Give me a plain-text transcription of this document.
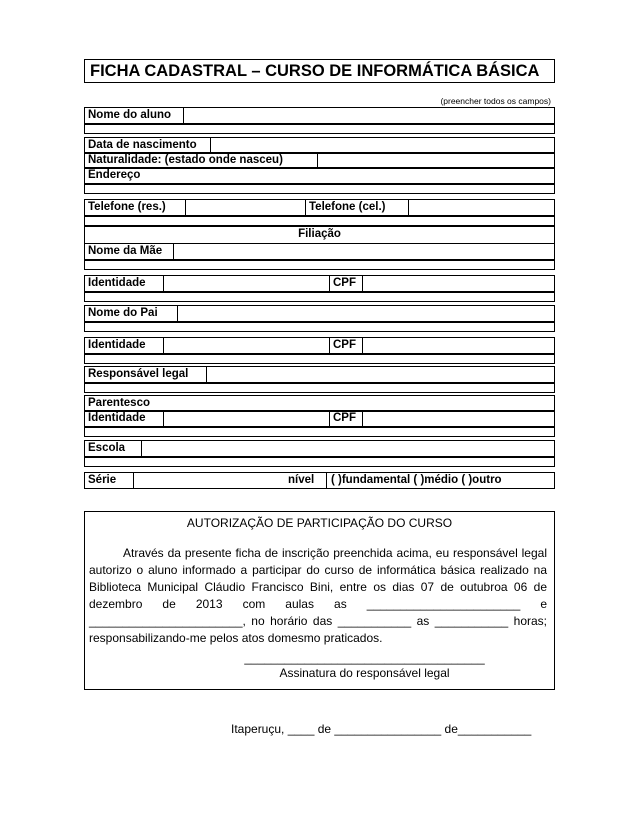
FICHA CADASTRAL – CURSO DE INFORMÁTICA BÁSICA
(preencher todos os campos)
Nome do aluno
Data de nascimento
Naturalidade: (estado onde nasceu)
Endereço
Telefone (res.)	Telefone (cel.)
Filiação
Nome da Mãe
Identidade	CPF
Nome do Pai
Identidade	CPF
Responsável legal
Parentesco
Identidade	CPF
Escola
Série	nível	( )fundamental ( )médio ( )outro
AUTORIZAÇÃO DE PARTICIPAÇÃO DO CURSO
Através da presente ficha de inscrição preenchida acima, eu responsável legal autorizo o aluno informado a participar do curso de informática básica realizado na Biblioteca Municipal Cláudio Francisco Bini, entre os dias 07 de outubroa 06 de dezembro de 2013 com aulas as _______________________ e _______________________, no horário das ___________ as ___________ horas; responsabilizando-me pelos atos domesmo praticados.
____________________________________
Assinatura do responsável legal
Itaperuçu, ____ de ________________ de___________
